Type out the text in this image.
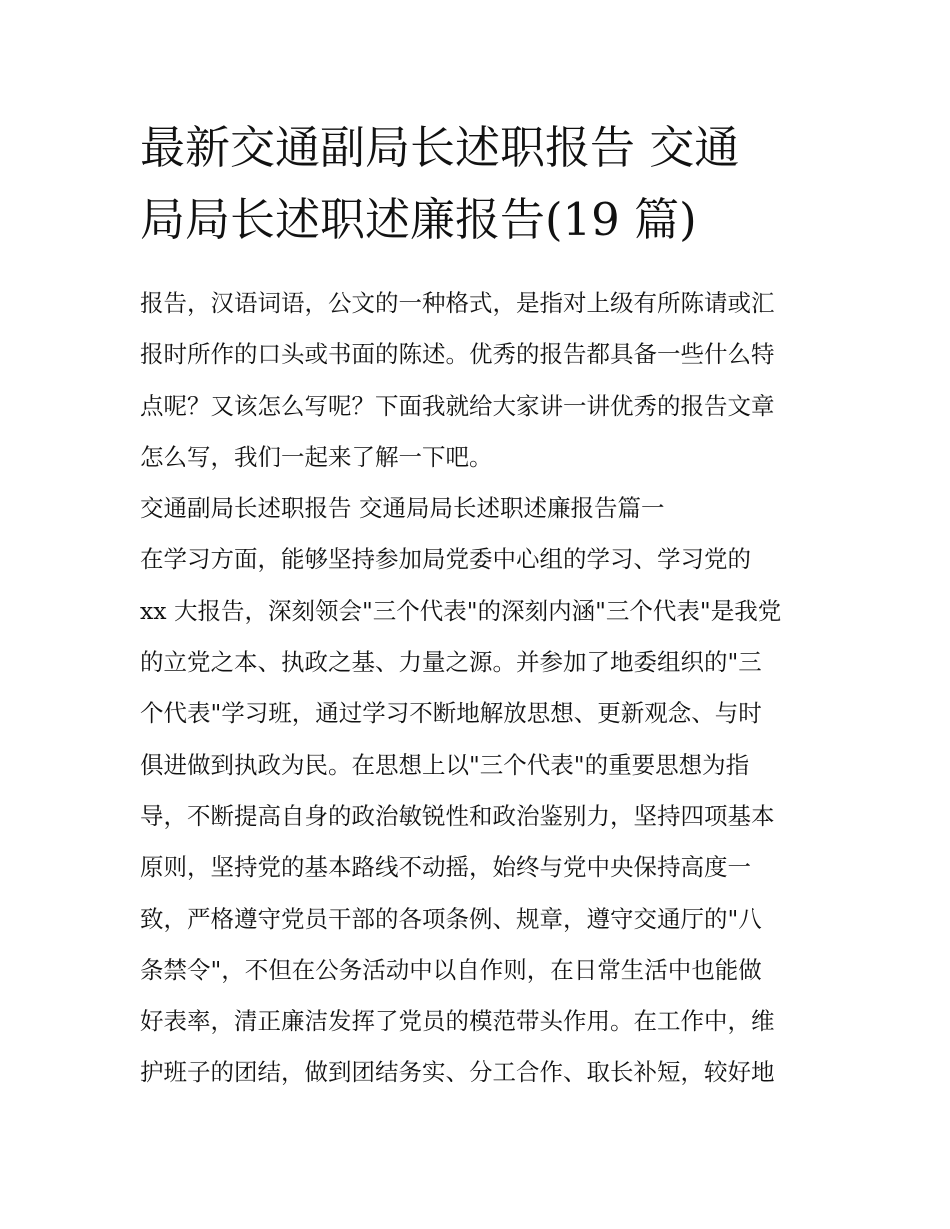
最新交通副局长述职报告 交通
局局长述职述廉报告(19 篇)
报告，汉语词语，公文的一种格式，是指对上级有所陈请或汇
报时所作的口头或书面的陈述。优秀的报告都具备一些什么特
点呢？又该怎么写呢？下面我就给大家讲一讲优秀的报告文章
怎么写，我们一起来了解一下吧。
交通副局长述职报告 交通局局长述职述廉报告篇一
在学习方面，能够坚持参加局党委中心组的学习、学习党的
xx 大报告，深刻领会"三个代表"的深刻内涵"三个代表"是我党
的立党之本、执政之基、力量之源。并参加了地委组织的"三
个代表"学习班，通过学习不断地解放思想、更新观念、与时
俱进做到执政为民。在思想上以"三个代表"的重要思想为指
导，不断提高自身的政治敏锐性和政治鉴别力，坚持四项基本
原则，坚持党的基本路线不动摇，始终与党中央保持高度一
致，严格遵守党员干部的各项条例、规章，遵守交通厅的"八
条禁令"，不但在公务活动中以自作则，在日常生活中也能做
好表率，清正廉洁发挥了党员的模范带头作用。在工作中，维
护班子的团结，做到团结务实、分工合作、取长补短，较好地
